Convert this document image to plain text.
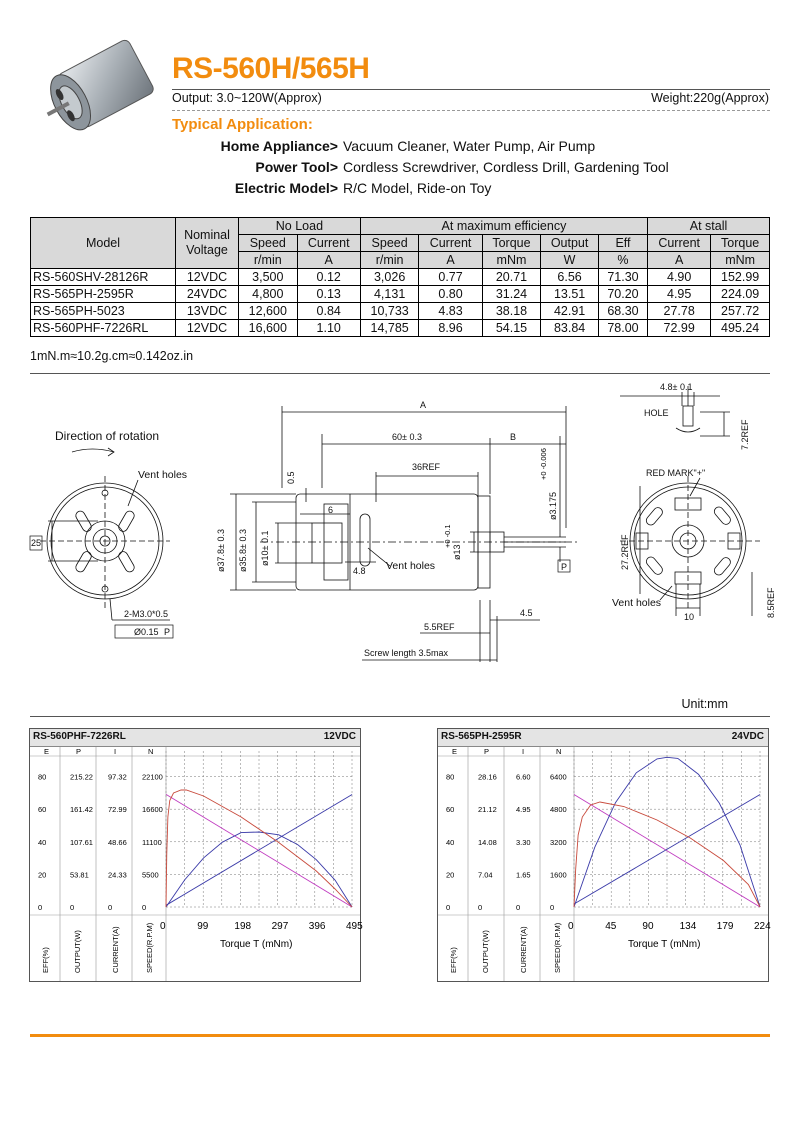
RS-560H/565H
Output: 3.0~120W(Approx)	Weight:220g(Approx)
Typical Application:
Home Appliance> Vacuum Cleaner, Water Pump, Air Pump
Power Tool> Cordless Screwdriver, Cordless Drill, Gardening Tool
Electric Model> R/C Model, Ride-on Toy
Model	Nominal Voltage	No Load		At maximum efficiency					At stall	
		Speed	Current	Speed	Current	Torque	Output	Eff	Current	Torque
		r/min	A	r/min	A	mNm	W	%	A	mNm
RS-560SHV-28126R	12VDC	3,500	0.12	3,026	0.77	20.71	6.56	71.30	4.90	152.99
RS-565PH-2595R	24VDC	4,800	0.13	4,131	0.80	31.24	13.51	70.20	4.95	224.09
RS-565PH-5023	13VDC	12,600	0.84	10,733	4.83	38.18	42.91	68.30	27.78	257.72
RS-560PHF-7226RL	12VDC	16,600	1.10	14,785	8.96	54.15	83.84	78.00	72.99	495.24
1mN.m≈10.2g.cm≈0.142oz.in
Direction of rotation
Vent holes
25
2-M3.0*0.5
Ø0.15 P
A
B
60± 0.3
36REF
0.5
6
ø37.8± 0.3 ø35.8± 0.3 ø10± 0.1
4.8 Vent holes
ø13
+0 -0.1
ø3.175
+0 -0.006
P
4.5
5.5REF
Screw length 3.5max
4.8± 0.1
HOLE
7.2REF
RED MARK"+"
27.2REF
8.5REF
Vent holes
10
Unit:mm
RS-560PHF-7226RL	12VDC
E	P	I	N
80
60
40
20
0
215.22
161.42
107.61
53.81
0
97.32
72.99
48.66
24.33
0
22100
16600
11100
5500
0
0	99	198 297 396 495
Torque T (mNm)
EFF(%)	OUTPUT(W)	CURRENT(A)	SPEED(R.P.M)
RS-565PH-2595R	24VDC
E	P	I	N
80
60
40
20
0
28.16
21.12
14.08
7.04
0
6.60
4.95
3.30
1.65
0
6400
4800
3200
1600
0
0	45	90	134 179 224
Torque T (mNm)
EFF(%)	OUTPUT(W)	CURRENT(A)	SPEED(R.P.M)
